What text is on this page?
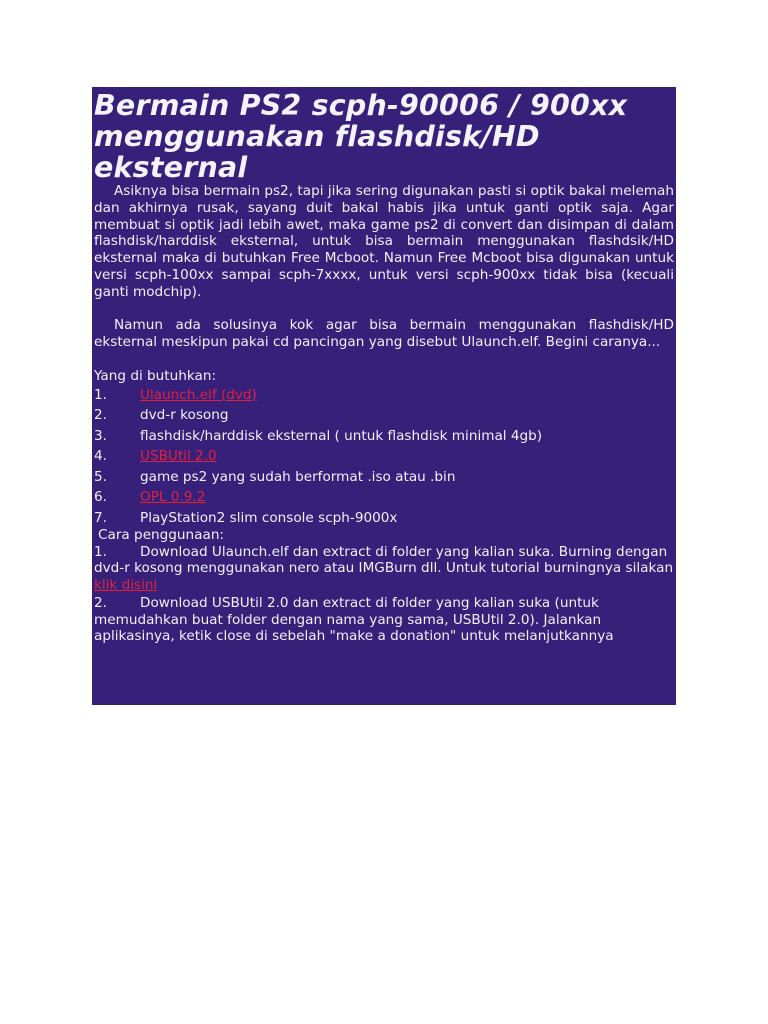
Bermain PS2 scph-90006 / 900xx
menggunakan flashdisk/HD
eksternal

Asiknya bisa bermain ps2, tapi jika sering digunakan pasti si optik bakal melemah dan akhirnya rusak, sayang duit bakal habis jika untuk ganti optik saja. Agar membuat si optik jadi lebih awet, maka game ps2 di convert dan disimpan di dalam flashdisk/harddisk eksternal, untuk bisa bermain menggunakan flashdsik/HD eksternal maka di butuhkan Free Mcboot. Namun Free Mcboot bisa digunakan untuk versi scph-100xx sampai scph-7xxxx, untuk versi scph-900xx tidak bisa (kecuali ganti modchip).

Namun ada solusinya kok agar bisa bermain menggunakan flashdisk/HD eksternal meskipun pakai cd pancingan yang disebut Ulaunch.elf. Begini caranya...

Yang di butuhkan:

1.	Ulaunch.elf (dvd)
2.	dvd-r kosong
3.	flashdisk/harddisk eksternal ( untuk flashdisk minimal 4gb)
4.	USBUtil 2.0
5.	game ps2 yang sudah berformat .iso atau .bin
6.	OPL 0.9.2
7.	PlayStation2 slim console scph-9000x

Cara penggunaan:

1. Download Ulaunch.elf dan extract di folder yang kalian suka. Burning dengan dvd-r kosong menggunakan nero atau IMGBurn dll. Untuk tutorial burningnya silakan klik disini

2. Download USBUtil 2.0 dan extract di folder yang kalian suka (untuk memudahkan buat folder dengan nama yang sama, USBUtil 2.0). Jalankan aplikasinya, ketik close di sebelah "make a donation" untuk melanjutkannya
